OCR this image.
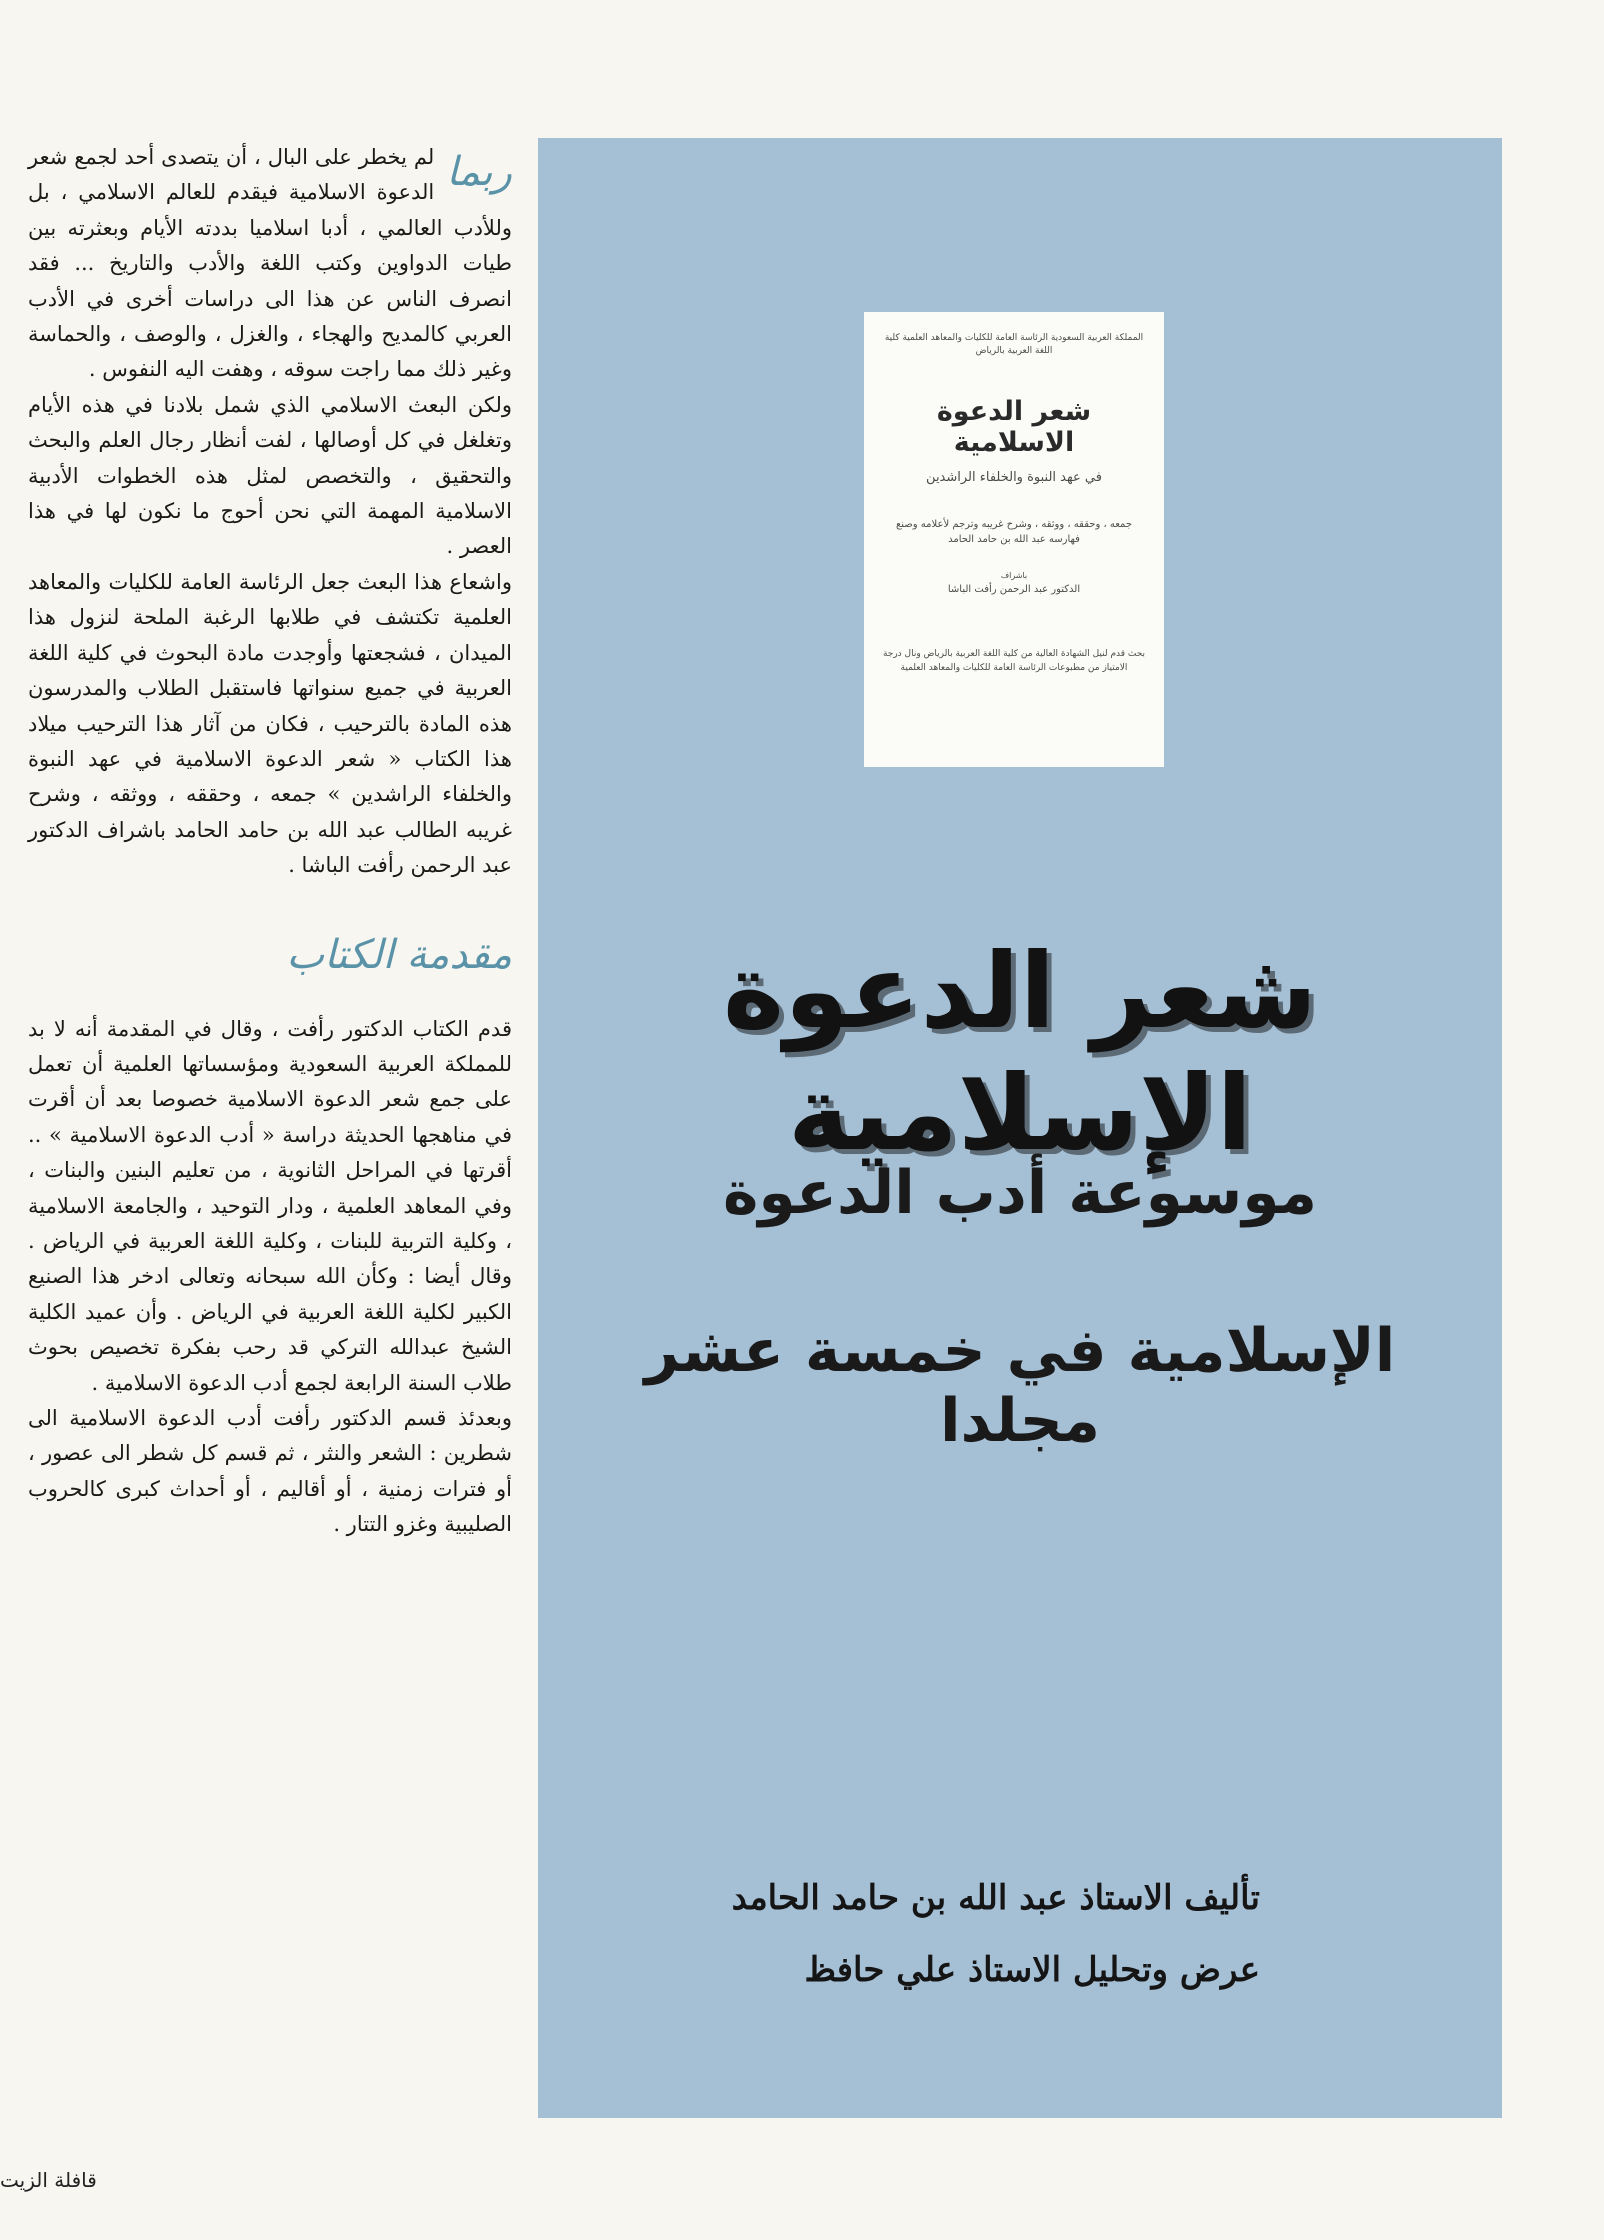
ربما

لم يخطر على البال ، أن يتصدى أحد لجمع شعر الدعوة الاسلامية فيقدم للعالم الاسلامي ، بل وللأدب العالمي ، أدبا اسلاميا بددته الأيام وبعثرته بين طيات الدواوين وكتب اللغة والأدب والتاريخ ... فقد انصرف الناس عن هذا الى دراسات أخرى في الأدب العربي كالمديح والهجاء ، والغزل ، والوصف ، والحماسة وغير ذلك مما راجت سوقه ، وهفت اليه النفوس .

ولكن البعث الاسلامي الذي شمل بلادنا في هذه الأيام وتغلغل في كل أوصالها ، لفت أنظار رجال العلم والبحث والتحقيق ، والتخصص لمثل هذه الخطوات الأدبية الاسلامية المهمة التي نحن أحوج ما نكون لها في هذا العصر .

واشعاع هذا البعث جعل الرئاسة العامة للكليات والمعاهد العلمية تكتشف في طلابها الرغبة الملحة لنزول هذا الميدان ، فشجعتها وأوجدت مادة البحوث في كلية اللغة العربية في جميع سنواتها فاستقبل الطلاب والمدرسون هذه المادة بالترحيب ، فكان من آثار هذا الترحيب ميلاد هذا الكتاب « شعر الدعوة الاسلامية في عهد النبوة والخلفاء الراشدين » جمعه ، وحققه ، ووثقه ، وشرح غريبه الطالب عبد الله بن حامد الحامد باشراف الدكتور عبد الرحمن رأفت الباشا .

مقدمة الكتاب

قدم الكتاب الدكتور رأفت ، وقال في المقدمة أنه لا بد للمملكة العربية السعودية ومؤسساتها العلمية أن تعمل على جمع شعر الدعوة الاسلامية خصوصا بعد أن أقرت في مناهجها الحديثة دراسة « أدب الدعوة الاسلامية » .. أقرتها في المراحل الثانوية ، من تعليم البنين والبنات ، وفي المعاهد العلمية ، ودار التوحيد ، والجامعة الاسلامية ، وكلية التربية للبنات ، وكلية اللغة العربية في الرياض . وقال أيضا : وكأن الله سبحانه وتعالى ادخر هذا الصنيع الكبير لكلية اللغة العربية في الرياض . وأن عميد الكلية الشيخ عبدالله التركي قد رحب بفكرة تخصيص بحوث طلاب السنة الرابعة لجمع أدب الدعوة الاسلامية .

وبعدئذ قسم الدكتور رأفت أدب الدعوة الاسلامية الى شطرين : الشعر والنثر ، ثم قسم كل شطر الى عصور ، أو فترات زمنية ، أو أقاليم ، أو أحداث كبرى كالحروب الصليبية وغزو التتار .

المملكة العربية السعودية الرئاسة العامة للكليات والمعاهد العلمية كلية اللغة العربية بالرياض
شعر الدعوة الاسلامية
في عهد النبوة والخلفاء الراشدين
جمعه ، وحققه ، ووثقه ، وشرح غريبه وترجم لأعلامه وصنع فهارسه عبد الله بن حامد الحامد
باشراف
الدكتور عبد الرحمن رأفت الباشا
بحث قدم لنيل الشهادة العالية من كلية اللغة العربية بالرياض ونال درجة الامتياز من مطبوعات الرئاسة العامة للكليات والمعاهد العلمية
شعر الدعوة الإسلامية
موسوعة أدب الدعوة
الإسلامية في خمسة عشر مجلدا
تأليف الاستاذ عبد الله بن حامد الحامد
عرض وتحليل الاستاذ علي حافظ
قافلة الزيت
